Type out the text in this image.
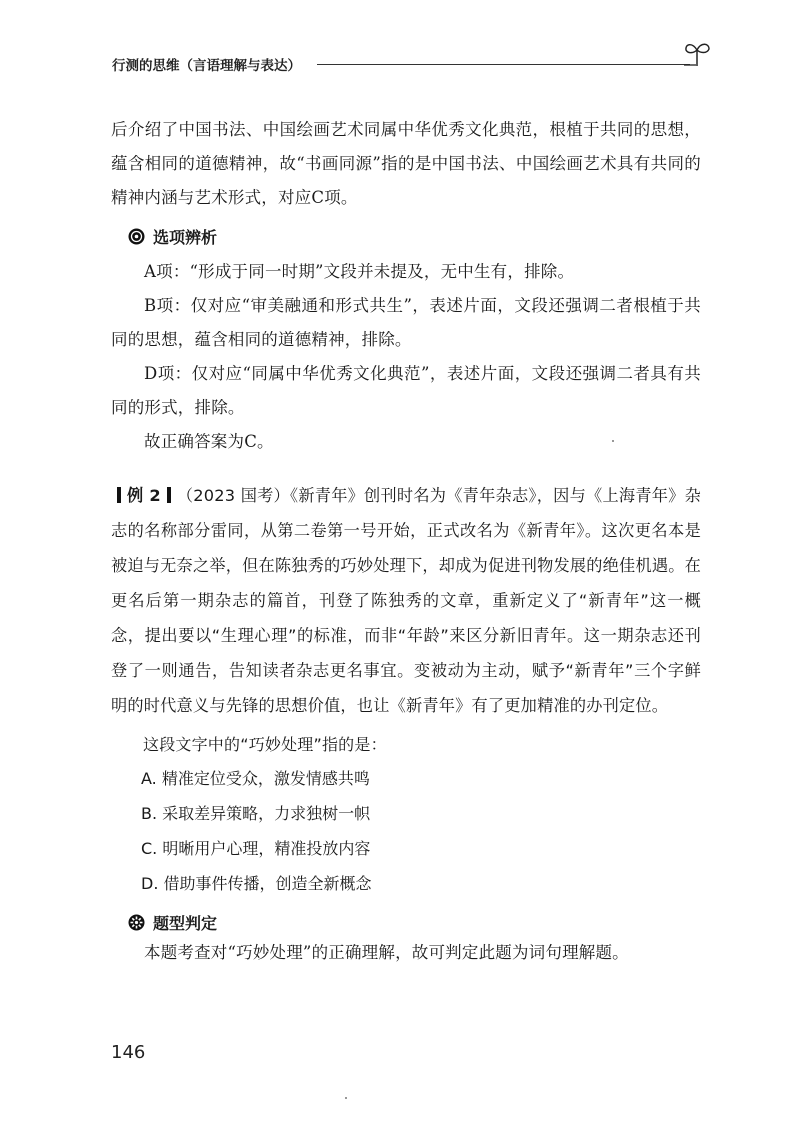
行测的思维（言语理解与表达）

后介绍了中国书法、中国绘画艺术同属中华优秀文化典范，根植于共同的思想，蕴含相同的道德精神，故“书画同源”指的是中国书法、中国绘画艺术具有共同的精神内涵与艺术形式，对应C项。

选项辨析

A项：“形成于同一时期”文段并未提及，无中生有，排除。

B项：仅对应“审美融通和形式共生”，表述片面，文段还强调二者根植于共同的思想，蕴含相同的道德精神，排除。

D项：仅对应“同属中华优秀文化典范”，表述片面，文段还强调二者具有共同的形式，排除。

故正确答案为C。

例 2 （2023 国考）《新青年》创刊时名为《青年杂志》，因与《上海青年》杂志的名称部分雷同，从第二卷第一号开始，正式改名为《新青年》。这次更名本是被迫与无奈之举，但在陈独秀的巧妙处理下，却成为促进刊物发展的绝佳机遇。在更名后第一期杂志的篇首，刊登了陈独秀的文章，重新定义了“新青年”这一概念，提出要以“生理心理”的标准，而非“年龄”来区分新旧青年。这一期杂志还刊登了一则通告，告知读者杂志更名事宜。变被动为主动，赋予“新青年”三个字鲜明的时代意义与先锋的思想价值，也让《新青年》有了更加精准的办刊定位。

这段文字中的“巧妙处理”指的是：

A. 精准定位受众，激发情感共鸣
B. 采取差异策略，力求独树一帜
C. 明晰用户心理，精准投放内容
D. 借助事件传播，创造全新概念
题型判定

本题考查对“巧妙处理”的正确理解，故可判定此题为词句理解题。

146
